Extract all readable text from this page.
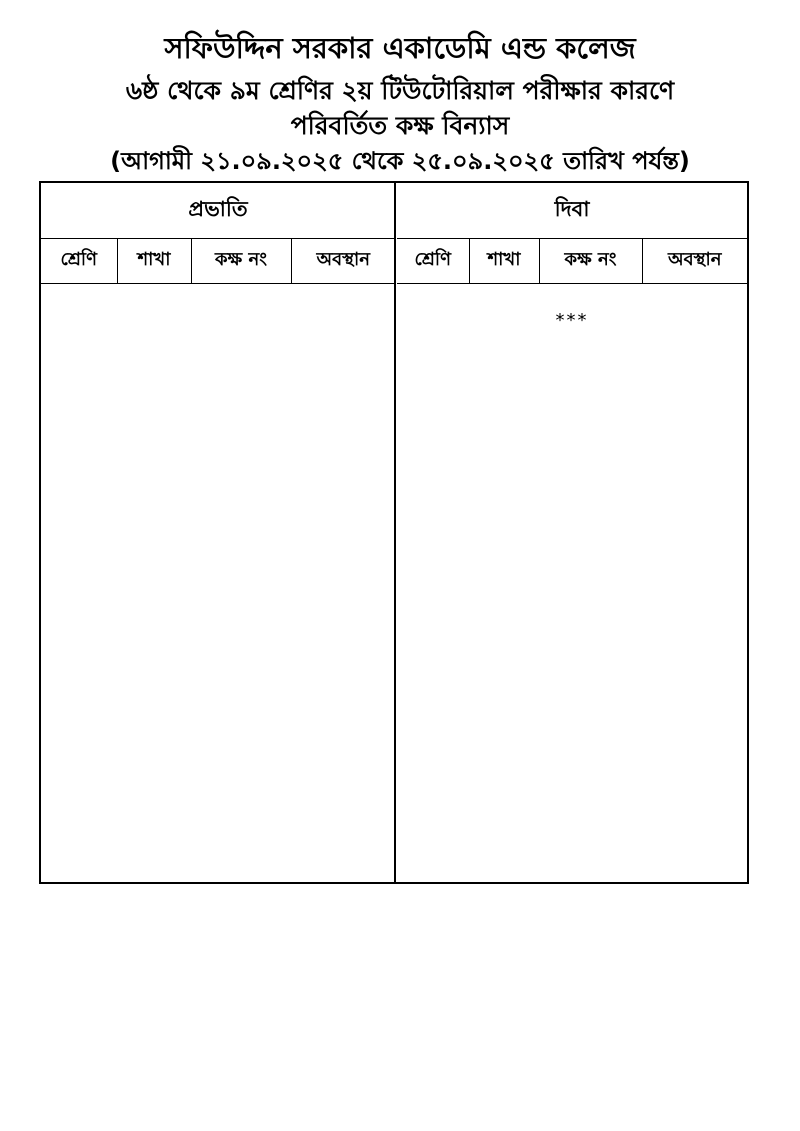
সফিউদ্দিন সরকার একাডেমি এন্ড কলেজ
৬ষ্ঠ থেকে ৯ম শ্রেণির ২য় টিউটোরিয়াল পরীক্ষার কারণে
পরিবর্তিত কক্ষ বিন্যাস
(আগামী ২১.০৯.২০২৫ থেকে ২৫.০৯.২০২৫ তারিখ পর্যন্ত)
প্রভাতি
শ্রেণি	শাখা	কক্ষ নং	অবস্থান
দিবা
শ্রেণি	শাখা	কক্ষ নং	অবস্থান
***
